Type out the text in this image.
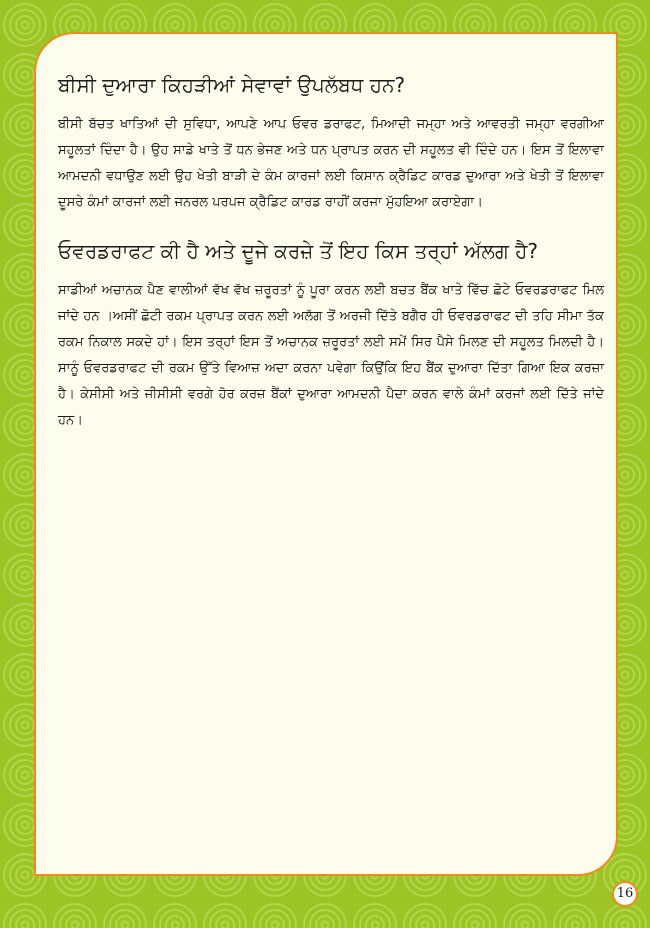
ਬੀਸੀ ਦੁਆਰਾ ਕਿਹੜੀਆਂ ਸੇਵਾਵਾਂ ਉਪਲੱਬਧ ਹਨ?

ਬੀਸੀ ਬੱਚਤ ਖਾਤਿਆਂ ਦੀ ਸੁਵਿਧਾ, ਆਪਣੇ ਆਪ ਓਵਰ ਡਰਾਫਟ, ਮਿਆਦੀ ਜਮ੍ਹਾ ਅਤੇ ਆਵਰਤੀ ਜਮ੍ਹਾ ਵਰਗੀਆ ਸਹੂਲਤਾਂ ਦਿੰਦਾ ਹੈ। ਉਹ ਸਾਡੇ ਖਾਤੇ ਤੋਂ ਧਨ ਭੇਜਣ ਅਤੇ ਧਨ ਪ੍ਰਾਪਤ ਕਰਨ ਦੀ ਸਹੂਲਤ ਵੀ ਦਿੰਦੇ ਹਨ। ਇਸ ਤੋਂ ਇਲਾਵਾ ਆਮਦਨੀ ਵਧਾਉਣ ਲਈ ਉਹ ਖੇਤੀ ਬਾੜੀ ਦੇ ਕੰਮ ਕਾਰਜਾਂ ਲਈ ਕਿਸਾਨ ਕ੍ਰੈਡਿਟ ਕਾਰਡ ਦੁਆਰਾ ਅਤੇ ਖੇਤੀ ਤੋਂ ਇਲਾਵਾ ਦੂਸਰੇ ਕੰਮਾਂ ਕਾਰਜਾਂ ਲਈ ਜਨਰਲ ਪਰਪਜ ਕ੍ਰੈਡਿਟ ਕਾਰਡ ਰਾਹੀਂ ਕਰਜਾ ਮੁੱਹਇਆ ਕਰਾਏਗਾ।

ਓਵਰਡਰਾਫਟ ਕੀ ਹੈ ਅਤੇ ਦੂਜੇ ਕਰਜ਼ੇ ਤੋਂ ਇਹ ਕਿਸ ਤਰ੍ਹਾਂ ਅੱਲਗ ਹੈ?

ਸਾਡੀਆਂ ਅਚਾਨਕ ਪੈਣ ਵਾਲੀਆਂ ਵੱਖ ਵੱਖ ਜ਼ਰੂਰਤਾਂ ਨੂੰ ਪੂਰਾ ਕਰਨ ਲਈ ਬਚਤ ਬੈਂਕ ਖਾਤੇ ਵਿੱਚ ਛੋਟੇ ਓਵਰਡਰਾਫਟ ਮਿਲ ਜਾਂਦੇ ਹਨ ।ਅਸੀਂ ਛੋਟੀ ਰਕਮ ਪ੍ਰਾਪਤ ਕਰਨ ਲਈ ਅਲੱਗ ਤੋਂ ਅਰਜੀ ਦਿੱਤੇ ਬਗੈਰ ਹੀ ਓਵਰਡਰਾਫਟ ਦੀ ਤਹਿ ਸੀਮਾ ਤੱਕ ਰਕਮ ਨਿਕਾਲ ਸਕਦੇ ਹਾਂ। ਇਸ ਤਰ੍ਹਾਂ ਇਸ ਤੋਂ ਅਚਾਨਕ ਜ਼ਰੂਰਤਾਂ ਲਈ ਸਮੇਂ ਸਿਰ ਪੈਸੇ ਮਿਲਣ ਦੀ ਸਹੂਲਤ ਮਿਲਦੀ ਹੈ। ਸਾਨੂੰ ਓਵਰਡਰਾਫਟ ਦੀ ਰਕਮ ਉੱਤੇ ਵਿਆਜ਼ ਅਦਾ ਕਰਨਾ ਪਵੇਗਾ ਕਿਉਂਕਿ ਇਹ ਬੈਂਕ ਦੁਆਰਾ ਦਿੱਤਾ ਗਿਆ ਇਕ ਕਰਜ਼ਾ ਹੈ। ਕੇਸੀਸੀ ਅਤੇ ਜੀਸੀਸੀ ਵਰਗੇ ਹੋਰ ਕਰਜ਼ ਬੈਂਕਾਂ ਦੁਆਰਾ ਆਮਦਨੀ ਪੈਦਾ ਕਰਨ ਵਾਲੇ ਕੰਮਾਂ ਕਰਜਾਂ ਲਈ ਦਿੱਤੇ ਜਾਂਦੇ ਹਨ।

16
